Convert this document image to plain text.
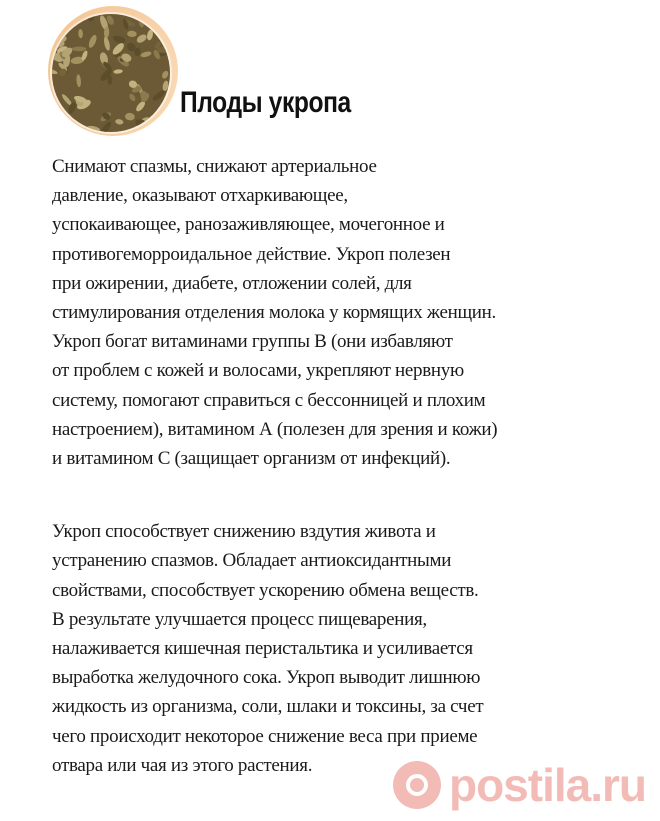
Плоды укропа

Снимают спазмы, снижают артериальное
давление, оказывают отхаркивающее,
успокаивающее, ранозаживляющее, мочегонное и
противогеморроидальное действие. Укроп полезен
при ожирении, диабете, отложении солей, для
стимулирования отделения молока у кормящих женщин.
Укроп богат витаминами группы В (они избавляют
от проблем с кожей и волосами, укрепляют нервную
систему, помогают справиться с бессонницей и плохим
настроением), витамином А (полезен для зрения и кожи)
и витамином С (защищает организм от инфекций).

Укроп способствует снижению вздутия живота и
устранению спазмов. Обладает антиоксидантными
свойствами, способствует ускорению обмена веществ.
В результате улучшается процесс пищеварения,
налаживается кишечная перистальтика и усиливается
выработка желудочного сока. Укроп выводит лишнюю
жидкость из организма, соли, шлаки и токсины, за счет
чего происходит некоторое снижение веса при приеме
отвара или чая из этого растения.	postila.ru
